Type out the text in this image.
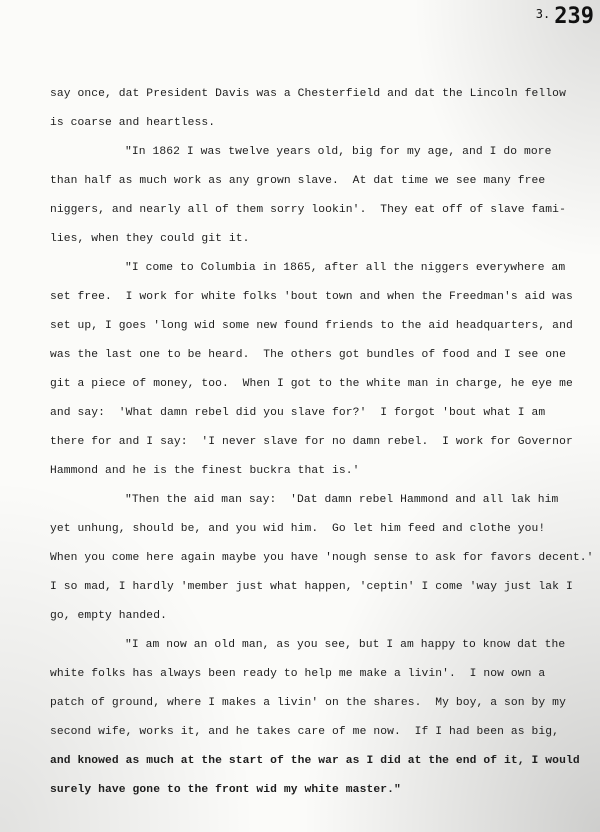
$^{3.}$ 239
say once, dat President Davis was a Chesterfield and dat the Lincoln fellow
is coarse and heartless.
"In 1862 I was twelve years old, big for my age, and I do more
than half as much work as any grown slave.  At dat time we see many free
niggers, and nearly all of them sorry lookin'.  They eat off of slave fami-
lies, when they could git it.
"I come to Columbia in 1865, after all the niggers everywhere am
set free.  I work for white folks 'bout town and when the Freedman's aid was
set up, I goes 'long wid some new found friends to the aid headquarters, and
was the last one to be heard.  The others got bundles of food and I see one
git a piece of money, too.  When I got to the white man in charge, he eye me
and say:  'What damn rebel did you slave for?'  I forgot 'bout what I am
there for and I say:  'I never slave for no damn rebel.  I work for Governor
Hammond and he is the finest buckra that is.'
"Then the aid man say:  'Dat damn rebel Hammond and all lak him
yet unhung, should be, and you wid him.  Go let him feed and clothe you!
When you come here again maybe you have 'nough sense to ask for favors decent.'
I so mad, I hardly 'member just what happen, 'ceptin' I come 'way just lak I
go, empty handed.
"I am now an old man, as you see, but I am happy to know dat the
white folks has always been ready to help me make a livin'.  I now own a
patch of ground, where I makes a livin' on the shares.  My boy, a son by my
second wife, works it, and he takes care of me now.  If I had been as big,
and knowed as much at the start of the war as I did at the end of it, I would
surely have gone to the front wid my white master."
